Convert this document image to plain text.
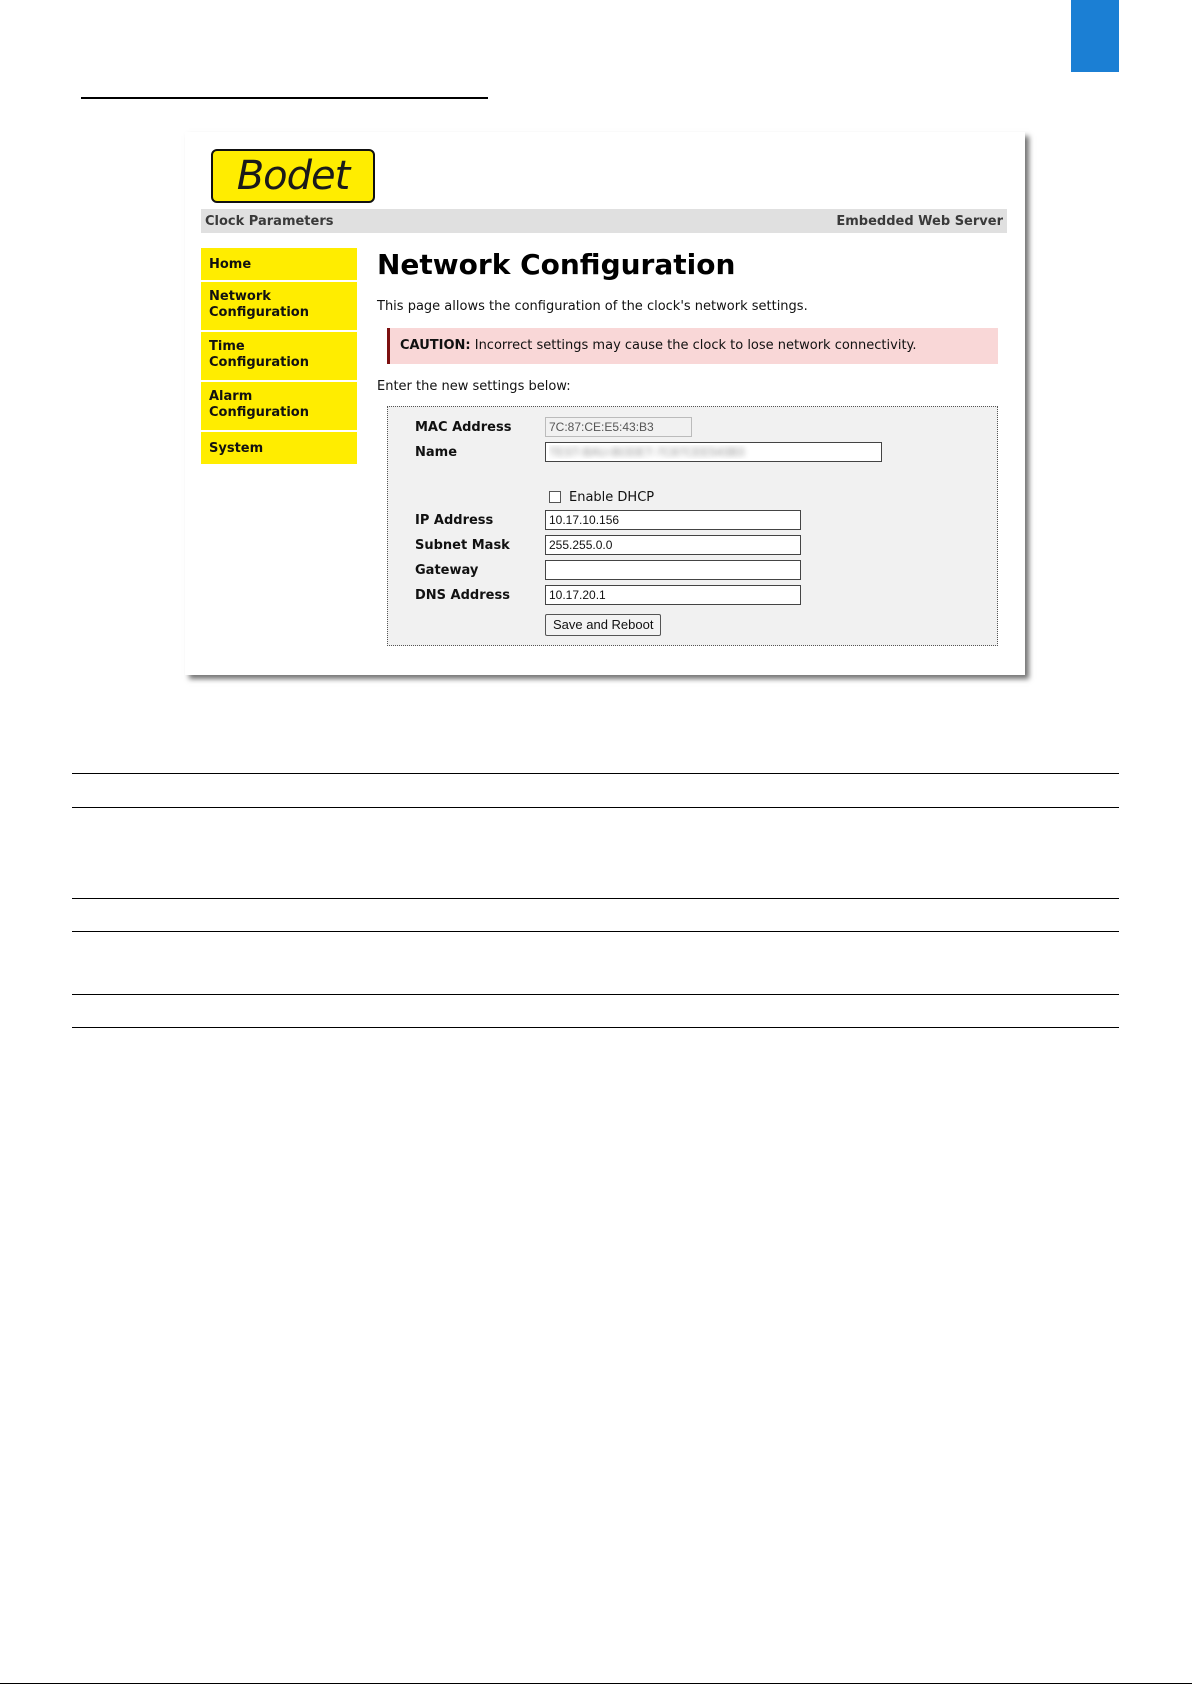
Bodet
Clock Parameters	Embedded Web Server
Home
Network Configuration
Time Configuration
Alarm Configuration
System
Network Configuration
This page allows the configuration of the clock's network settings.
CAUTION: Incorrect settings may cause the clock to lose network connectivity.
Enter the new settings below:
MAC Address
7C:87:CE:E5:43:B3
Name
TEST-BAU-BODET-7C87CEE543B3
Enable DHCP
IP Address
10.17.10.156
Subnet Mask
255.255.0.0
Gateway
DNS Address
10.17.20.1
Save and Reboot
